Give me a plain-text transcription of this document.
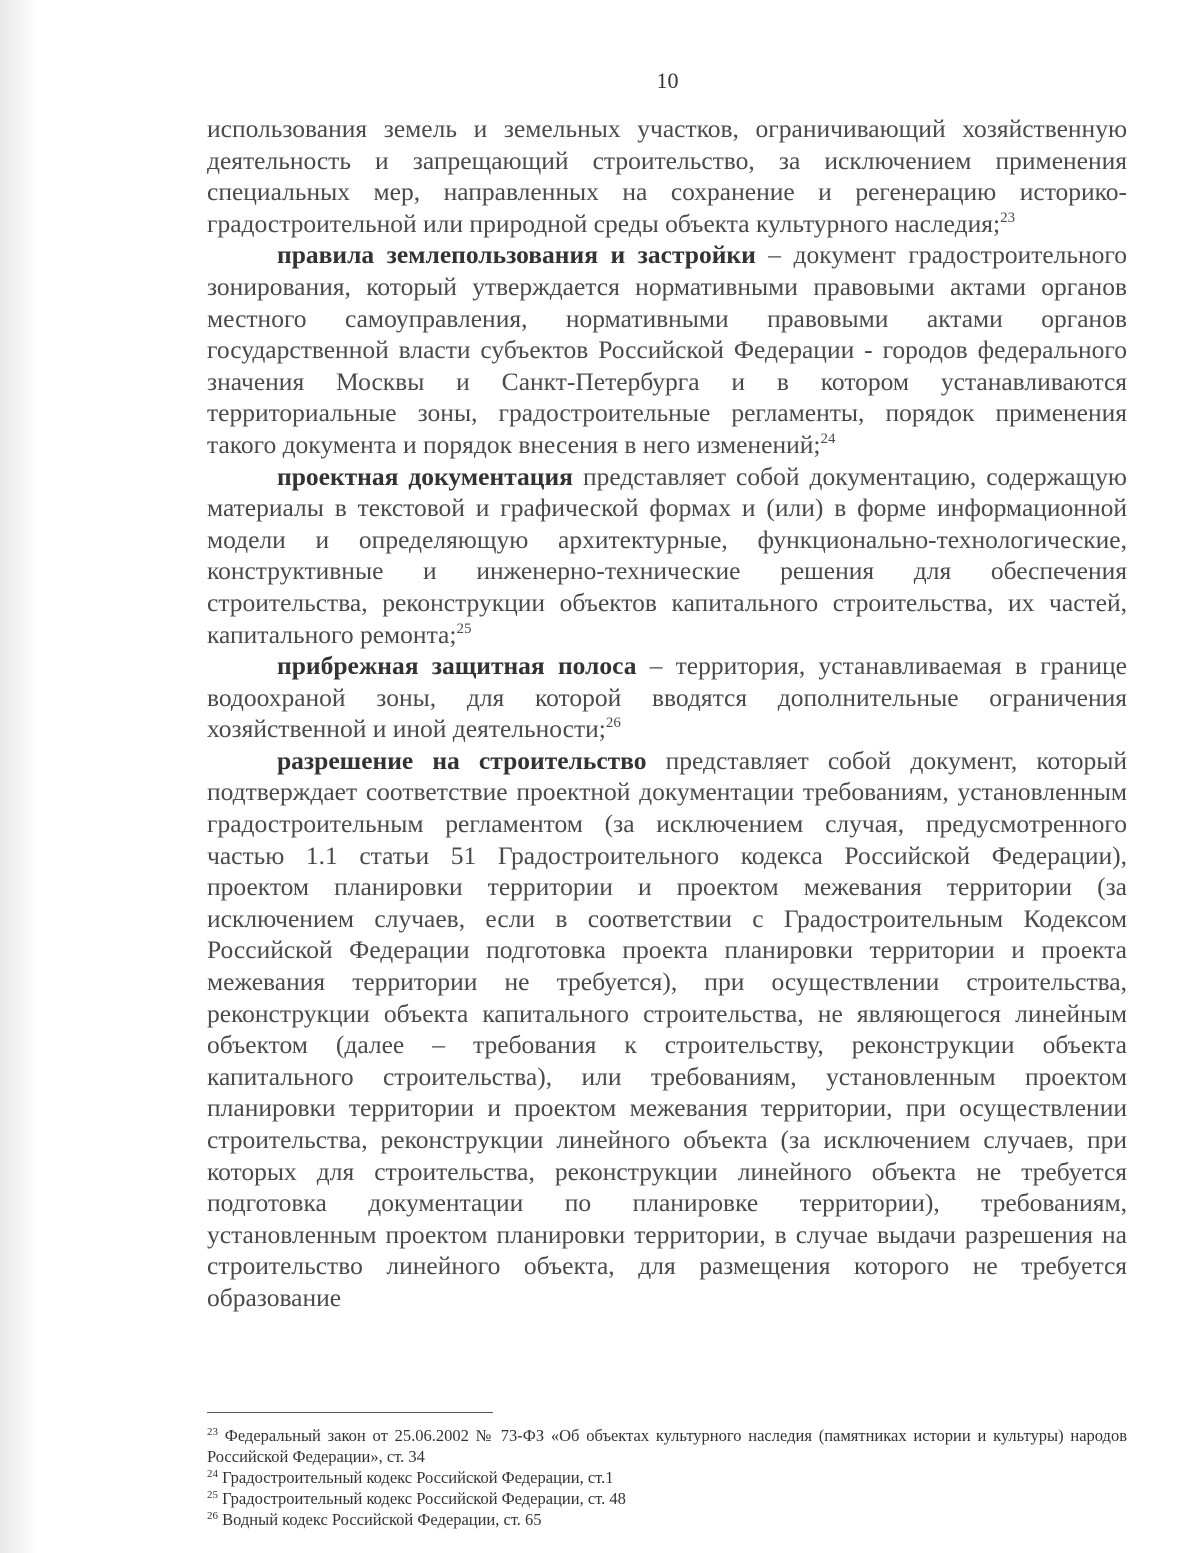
10

использования земель и земельных участков, ограничивающий хозяйственную деятельность и запрещающий строительство, за исключением применения специальных мер, направленных на сохранение и регенерацию историко-градостроительной или природной среды объекта культурного наследия;$^{23}$

правила землепользования и застройки – документ градостроительного зонирования, который утверждается нормативными правовыми актами органов местного самоуправления, нормативными правовыми актами органов государственной власти субъектов Российской Федерации - городов федерального значения Москвы и Санкт-Петербурга и в котором устанавливаются территориальные зоны, градостроительные регламенты, порядок применения такого документа и порядок внесения в него изменений;$^{24}$

проектная документация представляет собой документацию, содержащую материалы в текстовой и графической формах и (или) в форме информационной модели и определяющую архитектурные, функционально-технологические, конструктивные и инженерно-технические решения для обеспечения строительства, реконструкции объектов капитального строительства, их частей, капитального ремонта;$^{25}$

прибрежная защитная полоса – территория, устанавливаемая в границе водоохраной зоны, для которой вводятся дополнительные ограничения хозяйственной и иной деятельности;$^{26}$

разрешение на строительство представляет собой документ, который подтверждает соответствие проектной документации требованиям, установленным градостроительным регламентом (за исключением случая, предусмотренного частью 1.1 статьи 51 Градостроительного кодекса Российской Федерации), проектом планировки территории и проектом межевания территории (за исключением случаев, если в соответствии с Градостроительным Кодексом Российской Федерации подготовка проекта планировки территории и проекта межевания территории не требуется), при осуществлении строительства, реконструкции объекта капитального строительства, не являющегося линейным объектом (далее – требования к строительству, реконструкции объекта капитального строительства), или требованиям, установленным проектом планировки территории и проектом межевания территории, при осуществлении строительства, реконструкции линейного объекта (за исключением случаев, при которых для строительства, реконструкции линейного объекта не требуется подготовка документации по планировке территории), требованиям, установленным проектом планировки территории, в случае выдачи разрешения на строительство линейного объекта, для размещения которого не требуется образование

$^{23}$ Федеральный закон от 25.06.2002 № 73-ФЗ «Об объектах культурного наследия (памятниках истории и культуры) народов Российской Федерации», ст. 34

$^{24}$ Градостроительный кодекс Российской Федерации, ст.1

$^{25}$ Градостроительный кодекс Российской Федерации, ст. 48

$^{26}$ Водный кодекс Российской Федерации, ст. 65
